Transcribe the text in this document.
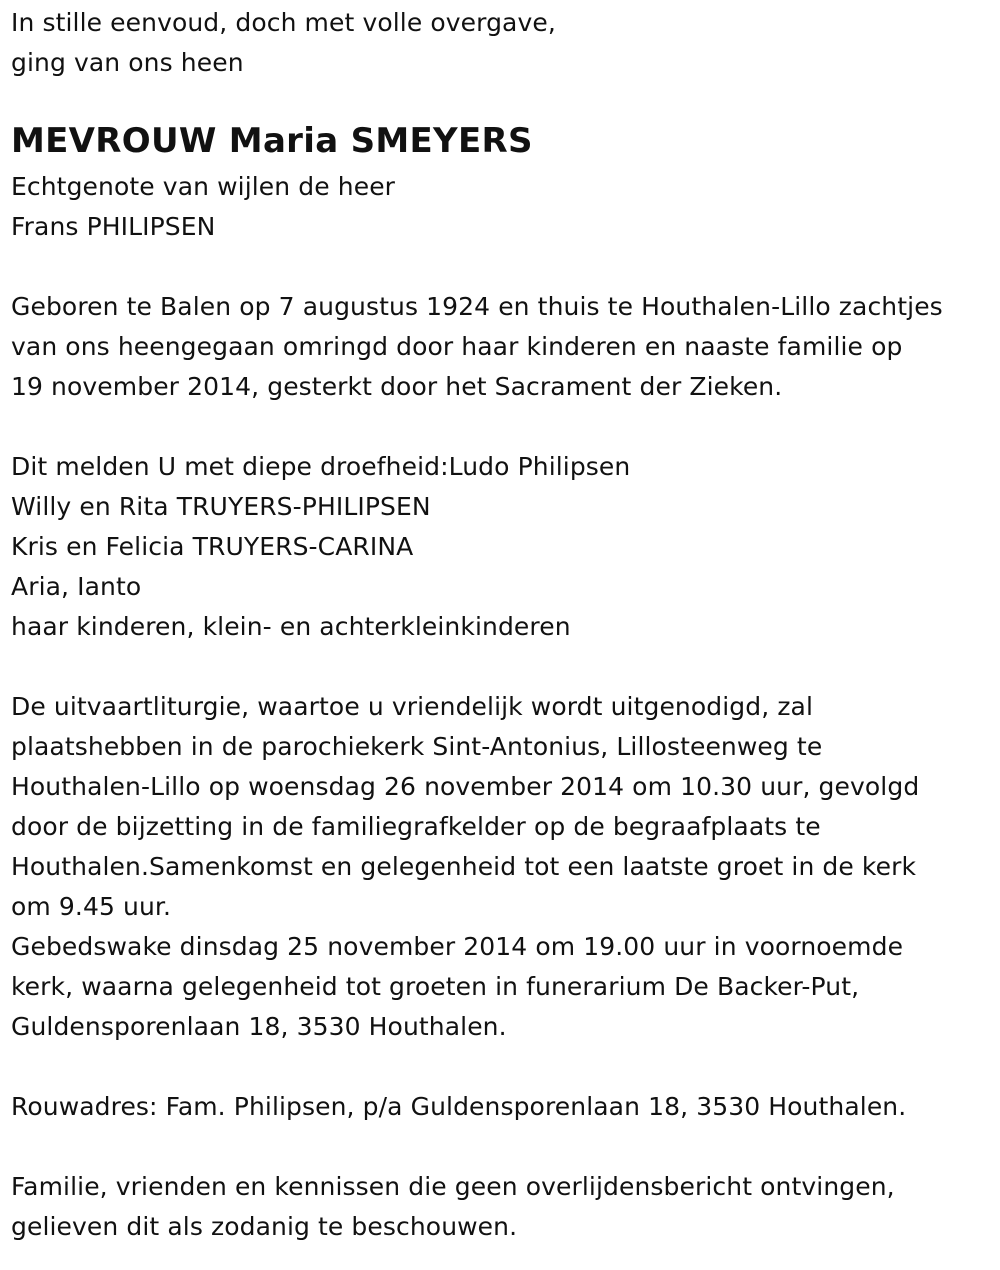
In stille eenvoud, doch met volle overgave,
ging van ons heen
MEVROUW Maria SMEYERS
Echtgenote van wijlen de heer
Frans PHILIPSEN
Geboren te Balen op 7 augustus 1924 en thuis te Houthalen-Lillo zachtjes
van ons heengegaan omringd door haar kinderen en naaste familie op
19 november 2014, gesterkt door het Sacrament der Zieken.
Dit melden U met diepe droefheid:Ludo Philipsen
Willy en Rita TRUYERS-PHILIPSEN
Kris en Felicia TRUYERS-CARINA
Aria, Ianto
haar kinderen, klein- en achterkleinkinderen
De uitvaartliturgie, waartoe u vriendelijk wordt uitgenodigd, zal
plaatshebben in de parochiekerk Sint-Antonius, Lillosteenweg te
Houthalen-Lillo op woensdag 26 november 2014 om 10.30 uur, gevolgd
door de bijzetting in de familiegrafkelder op de begraafplaats te
Houthalen.Samenkomst en gelegenheid tot een laatste groet in de kerk
om 9.45 uur.
Gebedswake dinsdag 25 november 2014 om 19.00 uur in voornoemde
kerk, waarna gelegenheid tot groeten in funerarium De Backer-Put,
Guldensporenlaan 18, 3530 Houthalen.
Rouwadres: Fam. Philipsen, p/a Guldensporenlaan 18, 3530 Houthalen.
Familie, vrienden en kennissen die geen overlijdensbericht ontvingen,
gelieven dit als zodanig te beschouwen.
